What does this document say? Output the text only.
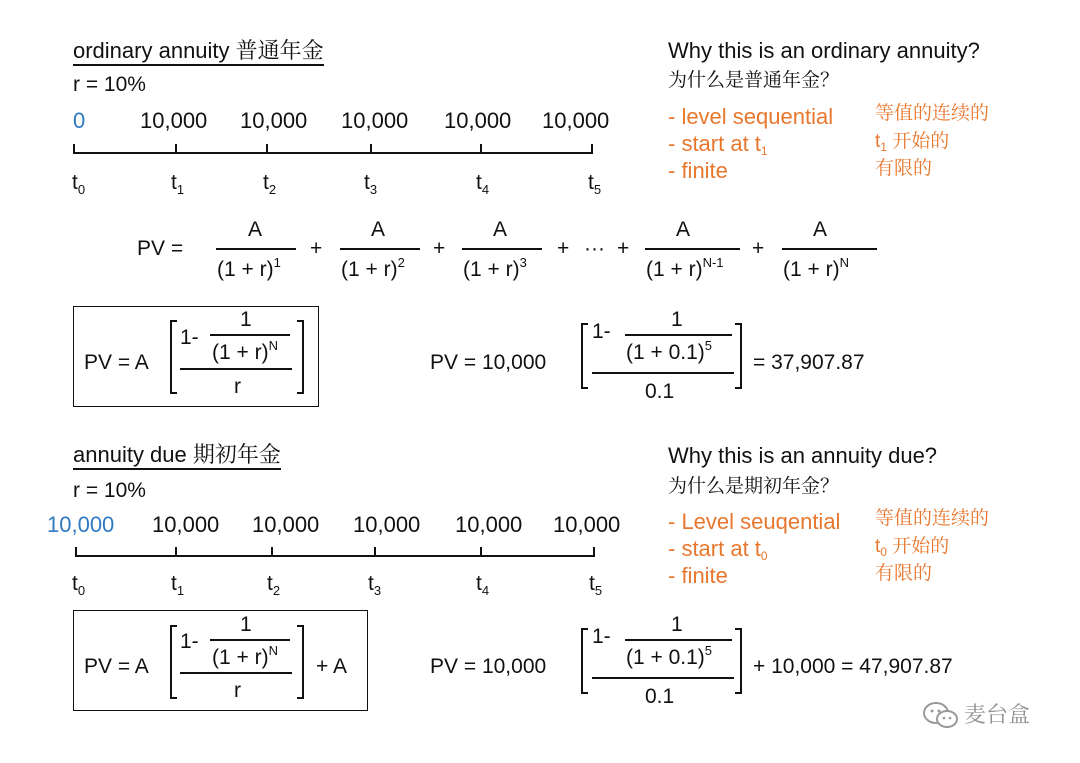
ordinary annuity 普通年金
r = 10%
0 10,000 10,000 10,000 10,000 10,000
$t_0$	$t_1$	$t_2$	$t_3$	$t_4$	$t_5$
Why this is an ordinary annuity?
为什么是普通年金？
- level sequential
- start at t1
- finite
等值的连续的
$t_1$ 开始的
有限的
PV =
A
$(1 + r)^1$
+
A
$(1 + r)^2$
+
A
$(1 + r)^3$
+ ··· +
A
$(1 + r)^{N-1}$
+
A
$(1 + r)^N$
PV = A
1-
1
$(1 + r)^N$
r
PV = 10,000
1-
1
$(1 + 0.1)^5$
0.1
= 37,907.87
annuity due 期初年金
r = 10%
10,000 10,000 10,000 10,000 10,000 10,000
$t_0$	$t_1$	$t_2$	$t_3$	$t_4$	$t_5$
Why this is an annuity due?
为什么是期初年金？
- Level seuqential
- start at t0
- finite
等值的连续的
$t_0$ 开始的
有限的
PV = A
1-
1
$(1 + r)^N$
r
+ A	PV = 10,000
1-
1
$(1 + 0.1)^5$
0.1
+ 10,000 = 47,907.87
麦台盒
